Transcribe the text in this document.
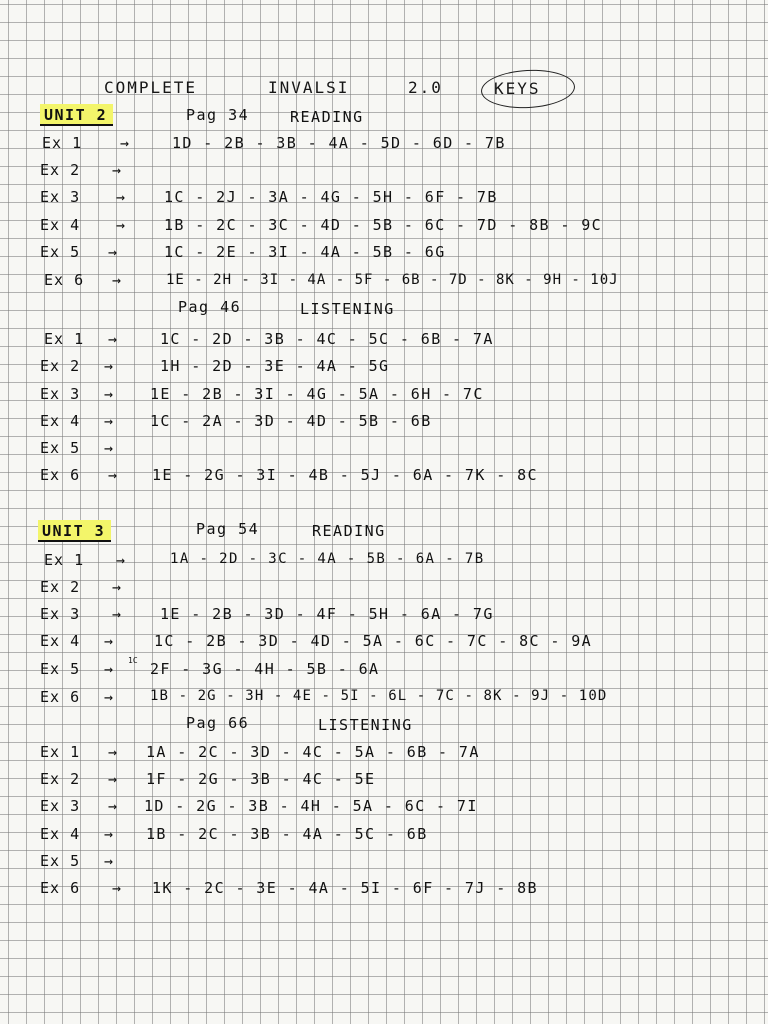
COMPLETE	INVALSI	2.0	KEYS
UNIT 2	Pag 34	READING
Ex 1	→	1D - 2B - 3B - 4A - 5D - 6D - 7B
Ex 2 →
Ex 3 →	1C - 2J - 3A - 4G - 5H - 6F - 7B
Ex 4 →	1B - 2C - 3C - 4D - 5B - 6C - 7D - 8B - 9C
Ex 5 →	1C - 2E - 3I - 4A - 5B - 6G
Ex 6 →	1E - 2H - 3I - 4A - 5F - 6B - 7D - 8K - 9H - 10J
Pag 46	LISTENING
Ex 1 →	1C - 2D - 3B - 4C - 5C - 6B - 7A
Ex 2 →	1H - 2D - 3E - 4A - 5G
Ex 3 → 1E - 2B - 3I - 4G - 5A - 6H - 7C
Ex 4 → 1C - 2A - 3D - 4D - 5B - 6B
Ex 5 →
Ex 6 → 1E - 2G - 3I - 4B - 5J - 6A - 7K - 8C
UNIT 3	Pag 54	READING
Ex 1 →	1A - 2D - 3C - 4A - 5B - 6A - 7B
Ex 2 →
Ex 3 →	1E - 2B - 3D - 4F - 5H - 6A - 7G
Ex 4 →	1C - 2B - 3D - 4D - 5A - 6C - 7C - 8C - 9A
Ex 5 → 1C 2F - 3G - 4H - 5B - 6A
Ex 6 →	1B - 2G - 3H - 4E - 5I - 6L - 7C - 8K - 9J - 10D
Pag 66	LISTENING
Ex 1 → 1A - 2C - 3D - 4C - 5A - 6B - 7A
Ex 2 → 1F - 2G - 3B - 4C - 5E
Ex 3 → 1D - 2G - 3B - 4H - 5A - 6C - 7I
Ex 4 → 1B - 2C - 3B - 4A - 5C - 6B
Ex 5 →
Ex 6 → 1K - 2C - 3E - 4A - 5I - 6F - 7J - 8B
